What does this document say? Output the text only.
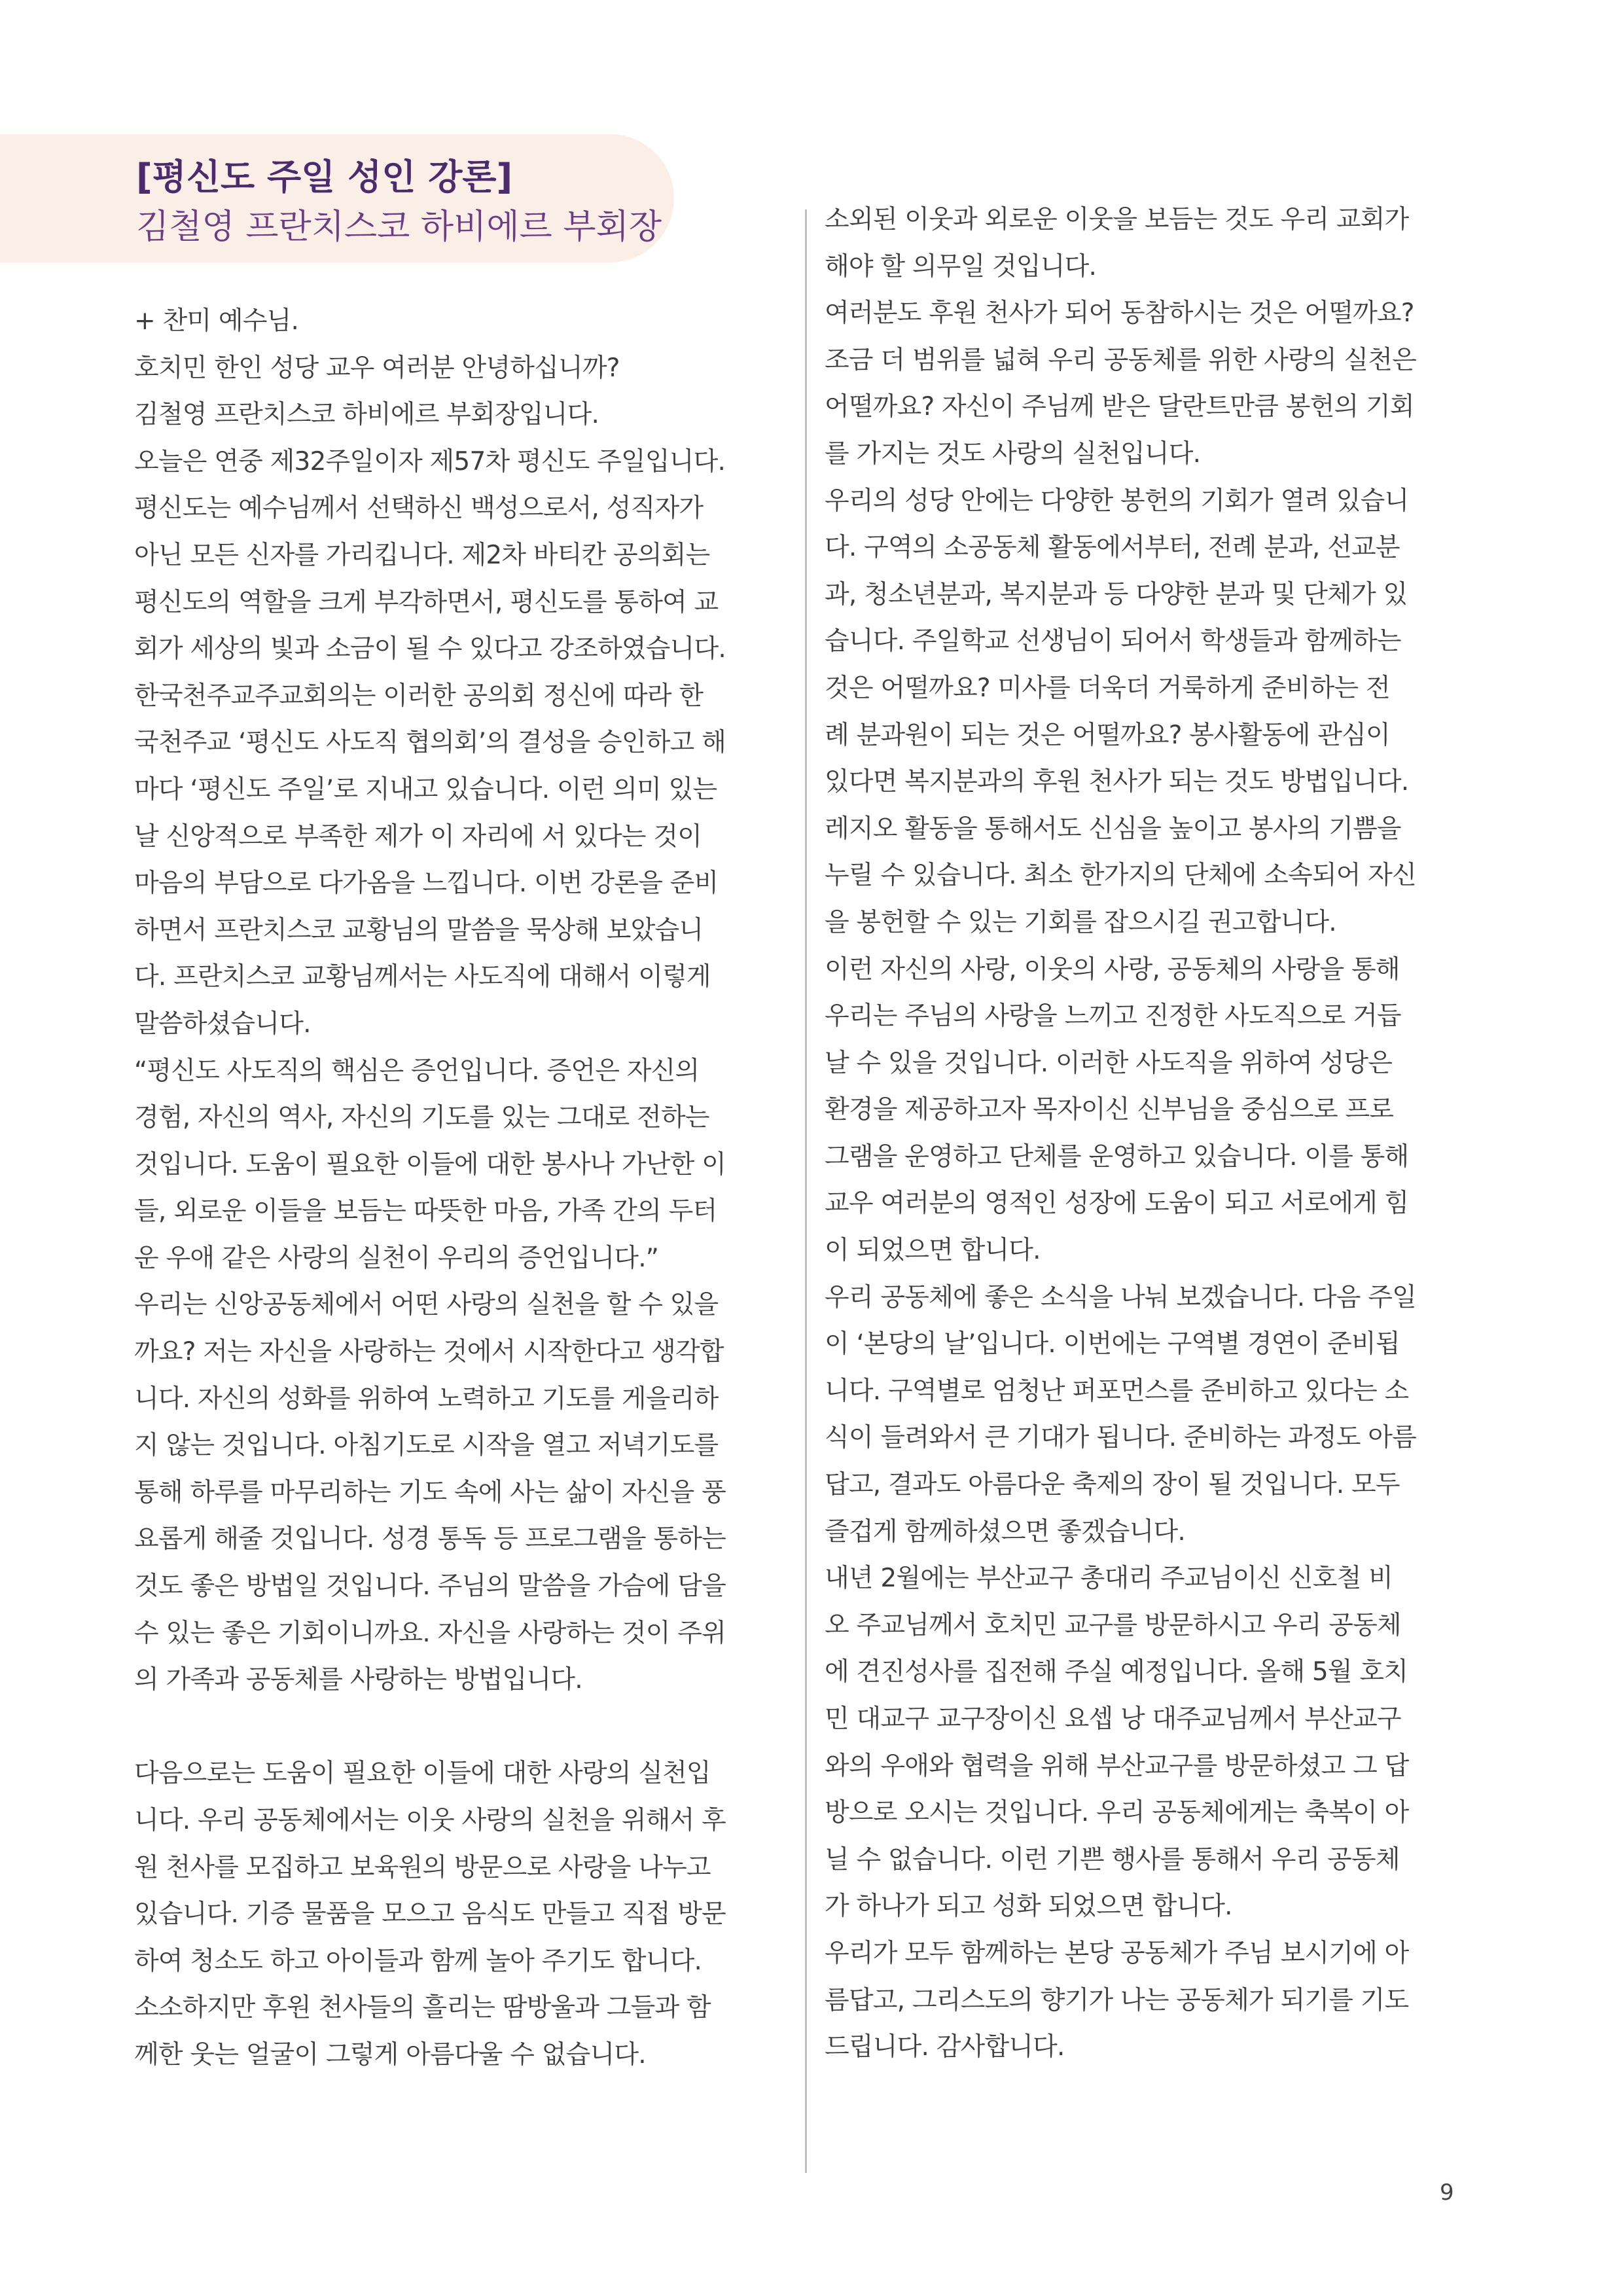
[평신도 주일 성인 강론]
김철영 프란치스코 하비에르 부회장
+ 찬미 예수님.
호치민 한인 성당 교우 여러분 안녕하십니까?
김철영 프란치스코 하비에르 부회장입니다.
오늘은 연중 제32주일이자 제57차 평신도 주일입니다.
평신도는 예수님께서 선택하신 백성으로서, 성직자가
아닌 모든 신자를 가리킵니다. 제2차 바티칸 공의회는
평신도의 역할을 크게 부각하면서, 평신도를 통하여 교
회가 세상의 빛과 소금이 될 수 있다고 강조하였습니다.
한국천주교주교회의는 이러한 공의회 정신에 따라 한
국천주교 ‘평신도 사도직 협의회’의 결성을 승인하고 해
마다 ‘평신도 주일’로 지내고 있습니다. 이런 의미 있는
날 신앙적으로 부족한 제가 이 자리에 서 있다는 것이
마음의 부담으로 다가옴을 느낍니다. 이번 강론을 준비
하면서 프란치스코 교황님의 말씀을 묵상해 보았습니
다. 프란치스코 교황님께서는 사도직에 대해서 이렇게
말씀하셨습니다.
“평신도 사도직의 핵심은 증언입니다. 증언은 자신의
경험, 자신의 역사, 자신의 기도를 있는 그대로 전하는
것입니다. 도움이 필요한 이들에 대한 봉사나 가난한 이
들, 외로운 이들을 보듬는 따뜻한 마음, 가족 간의 두터
운 우애 같은 사랑의 실천이 우리의 증언입니다.”
우리는 신앙공동체에서 어떤 사랑의 실천을 할 수 있을
까요? 저는 자신을 사랑하는 것에서 시작한다고 생각합
니다. 자신의 성화를 위하여 노력하고 기도를 게을리하
지 않는 것입니다. 아침기도로 시작을 열고 저녁기도를
통해 하루를 마무리하는 기도 속에 사는 삶이 자신을 풍
요롭게 해줄 것입니다. 성경 통독 등 프로그램을 통하는
것도 좋은 방법일 것입니다. 주님의 말씀을 가슴에 담을
수 있는 좋은 기회이니까요. 자신을 사랑하는 것이 주위
의 가족과 공동체를 사랑하는 방법입니다.
다음으로는 도움이 필요한 이들에 대한 사랑의 실천입
니다. 우리 공동체에서는 이웃 사랑의 실천을 위해서 후
원 천사를 모집하고 보육원의 방문으로 사랑을 나누고
있습니다. 기증 물품을 모으고 음식도 만들고 직접 방문
하여 청소도 하고 아이들과 함께 놀아 주기도 합니다.
소소하지만 후원 천사들의 흘리는 땀방울과 그들과 함
께한 웃는 얼굴이 그렇게 아름다울 수 없습니다.
소외된 이웃과 외로운 이웃을 보듬는 것도 우리 교회가
해야 할 의무일 것입니다.
여러분도 후원 천사가 되어 동참하시는 것은 어떨까요?
조금 더 범위를 넓혀 우리 공동체를 위한 사랑의 실천은
어떨까요? 자신이 주님께 받은 달란트만큼 봉헌의 기회
를 가지는 것도 사랑의 실천입니다.
우리의 성당 안에는 다양한 봉헌의 기회가 열려 있습니
다. 구역의 소공동체 활동에서부터, 전례 분과, 선교분
과, 청소년분과, 복지분과 등 다양한 분과 및 단체가 있
습니다. 주일학교 선생님이 되어서 학생들과 함께하는
것은 어떨까요? 미사를 더욱더 거룩하게 준비하는 전
례 분과원이 되는 것은 어떨까요? 봉사활동에 관심이
있다면 복지분과의 후원 천사가 되는 것도 방법입니다.
레지오 활동을 통해서도 신심을 높이고 봉사의 기쁨을
누릴 수 있습니다. 최소 한가지의 단체에 소속되어 자신
을 봉헌할 수 있는 기회를 잡으시길 권고합니다.
이런 자신의 사랑, 이웃의 사랑, 공동체의 사랑을 통해
우리는 주님의 사랑을 느끼고 진정한 사도직으로 거듭
날 수 있을 것입니다. 이러한 사도직을 위하여 성당은
환경을 제공하고자 목자이신 신부님을 중심으로 프로
그램을 운영하고 단체를 운영하고 있습니다. 이를 통해
교우 여러분의 영적인 성장에 도움이 되고 서로에게 힘
이 되었으면 합니다.
우리 공동체에 좋은 소식을 나눠 보겠습니다. 다음 주일
이 ‘본당의 날’입니다. 이번에는 구역별 경연이 준비됩
니다. 구역별로 엄청난 퍼포먼스를 준비하고 있다는 소
식이 들려와서 큰 기대가 됩니다. 준비하는 과정도 아름
답고, 결과도 아름다운 축제의 장이 될 것입니다. 모두
즐겁게 함께하셨으면 좋겠습니다.
내년 2월에는 부산교구 총대리 주교님이신 신호철 비
오 주교님께서 호치민 교구를 방문하시고 우리 공동체
에 견진성사를 집전해 주실 예정입니다. 올해 5월 호치
민 대교구 교구장이신 요셉 낭 대주교님께서 부산교구
와의 우애와 협력을 위해 부산교구를 방문하셨고 그 답
방으로 오시는 것입니다. 우리 공동체에게는 축복이 아
닐 수 없습니다. 이런 기쁜 행사를 통해서 우리 공동체
가 하나가 되고 성화 되었으면 합니다.
우리가 모두 함께하는 본당 공동체가 주님 보시기에 아
름답고, 그리스도의 향기가 나는 공동체가 되기를 기도
드립니다. 감사합니다.
9
